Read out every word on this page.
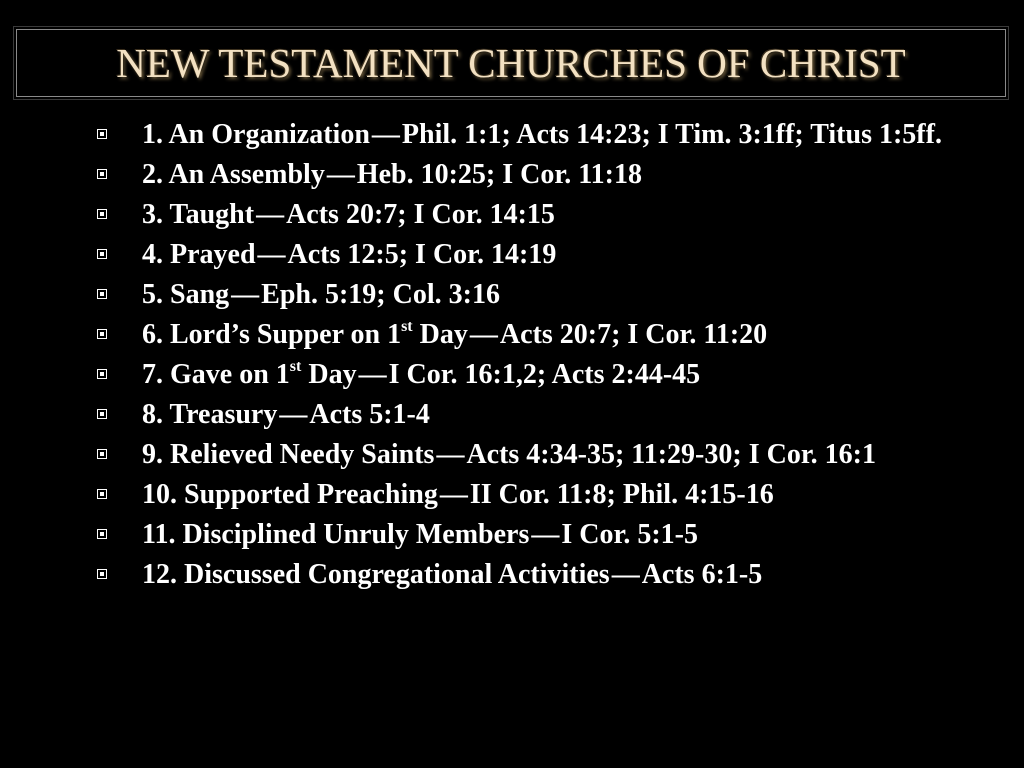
NEW TESTAMENT CHURCHES OF CHRIST
1. An Organization—Phil. 1:1; Acts 14:23; I Tim. 3:1ff; Titus 1:5ff.
2. An Assembly—Heb. 10:25; I Cor. 11:18
3. Taught—Acts 20:7; I Cor. 14:15
4. Prayed—Acts 12:5; I Cor. 14:19
5. Sang—Eph. 5:19; Col. 3:16
6. Lord’s Supper on 1st Day—Acts 20:7; I Cor. 11:20
7. Gave on 1st Day—I Cor. 16:1,2; Acts 2:44-45
8. Treasury—Acts 5:1-4
9. Relieved Needy Saints—Acts 4:34-35; 11:29-30; I Cor. 16:1
10. Supported Preaching—II Cor. 11:8; Phil. 4:15-16
11. Disciplined Unruly Members—I Cor. 5:1-5
12. Discussed Congregational Activities—Acts 6:1-5
